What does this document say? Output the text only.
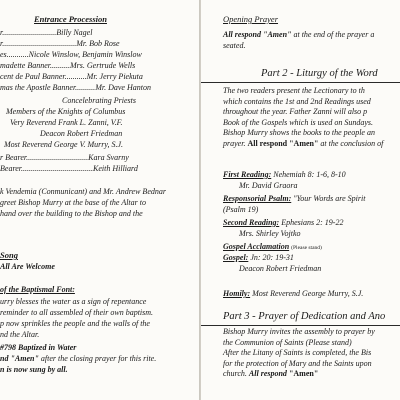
Entrance Procession
r...........................Billy Nagel
r.....................................Mr. Bob Rose
es...........Nicole Winslow, Benjamin Winslow
madette Banner..........Mrs. Gertrude Wells
cent de Paul Banner...........Mr. Jerry Piekuta
mas the Apostle Banner..........Mr. Dave Hanton
Concelebrating Priests
Members of the Knights of Columbus
Very Reverend Frank L. Zanni, V.F.
Deacon Robert Friedman
Most Reverend George V. Murry, S.J.
r Bearer...............................Kara Svarny
Bearer....................................Keith Hilliard
k Vendemia (Conmunicant) and Mr. Andrew Bednar
greet Bishop Murry at the base of the Altar to
hand over the building to the Bishop and the
Song
All Are Welcome
of the Baptismal Font:
urry blesses the water as a sign of repentance
reminder to all assembled of their own baptism.
p now sprinkles the people and the walls of the
nd the Altar.
#798 Baptized in Water
nd "Amen" after the closing prayer for this rite.
n is now sung by all.
Opening Prayer
All respond "Amen" at the end of the prayer a
seated.
Part 2 - Liturgy of the Word
The two readers present the Lectionary to th
which contains the 1st and 2nd Readings used
throughout the year. Father Zanni will also p
Book of the Gospels which is used on Sundays.
Bishop Murry shows the books to the people an
prayer. All respond "Amen" at the conclusion of
First Reading: Nehemiah 8: 1-6, 8-10
Mr. David Graora
Responsorial Psalm: "Your Words are Spirit
(Psalm 19)
Second Reading: Ephesians 2: 19-22
Mrs. Shirley Vojtko
Gospel Acclamation (Please stand)
Gospel: Jn: 20: 19-31
Deacon Robert Friedman
Homily: Most Reverend George Murry, S.J.
Part 3 - Prayer of Dedication and Ano
Bishop Murry invites the assembly to prayer by
the Communion of Saints (Please stand)
After the Litany of Saints is completed, the Bis
for the protection of Mary and the Saints upon
church. All respond "Amen"
